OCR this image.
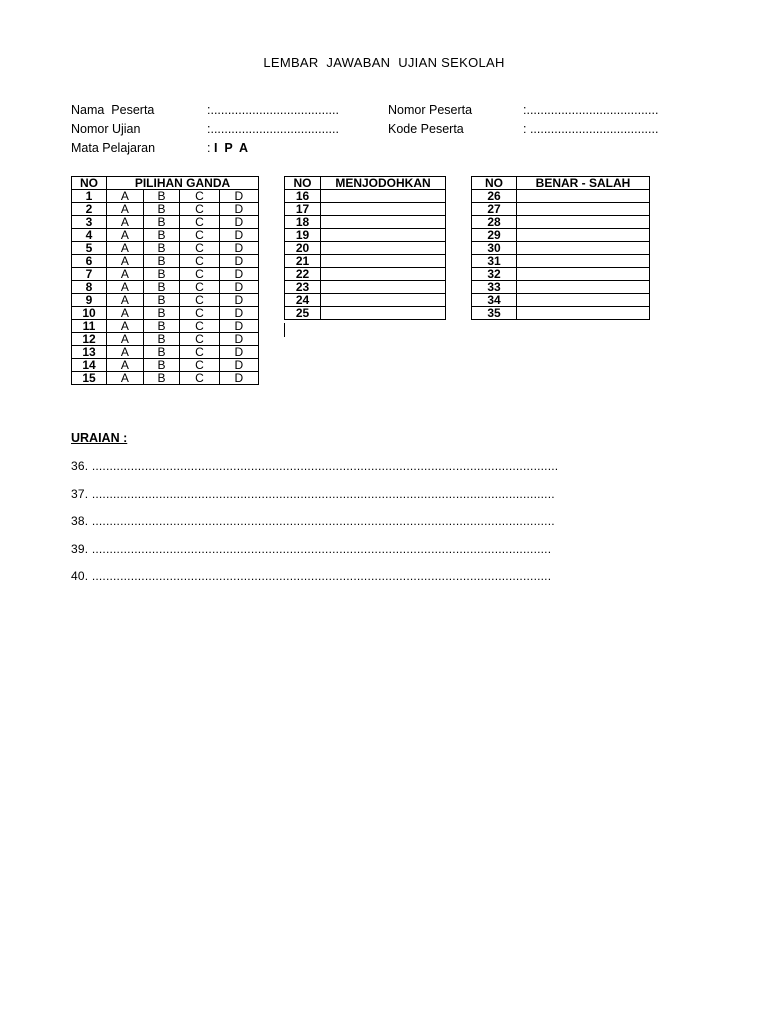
LEMBAR  JAWABAN  UJIAN SEKOLAH
Nama  Peserta	:.....................................
Nomor Ujian	:.....................................
Mata Pelajaran	: I  P  A
Nomor Peserta	:......................................
Kode Peserta	: .....................................
NO	PILIHAN GANDA			
1	A	B	C	D
2	A	B	C	D
3	A	B	C	D
4	A	B	C	D
5	A	B	C	D
6	A	B	C	D
7	A	B	C	D
8	A	B	C	D
9	A	B	C	D
10	A	B	C	D
11	A	B	C	D
12	A	B	C	D
13	A	B	C	D
14	A	B	C	D
15	A	B	C	D
NO	MENJODOHKAN
16	
17	
18	
19	
20	
21	
22	
23	
24	
25	
NO	BENAR - SALAH
26	
27	
28	
29	
30	
31	
32	
33	
34	
35	
URAIAN :
36. ....................................................................................................................................
37. ...................................................................................................................................
38. ...................................................................................................................................
39. ..................................................................................................................................
40. ..................................................................................................................................
